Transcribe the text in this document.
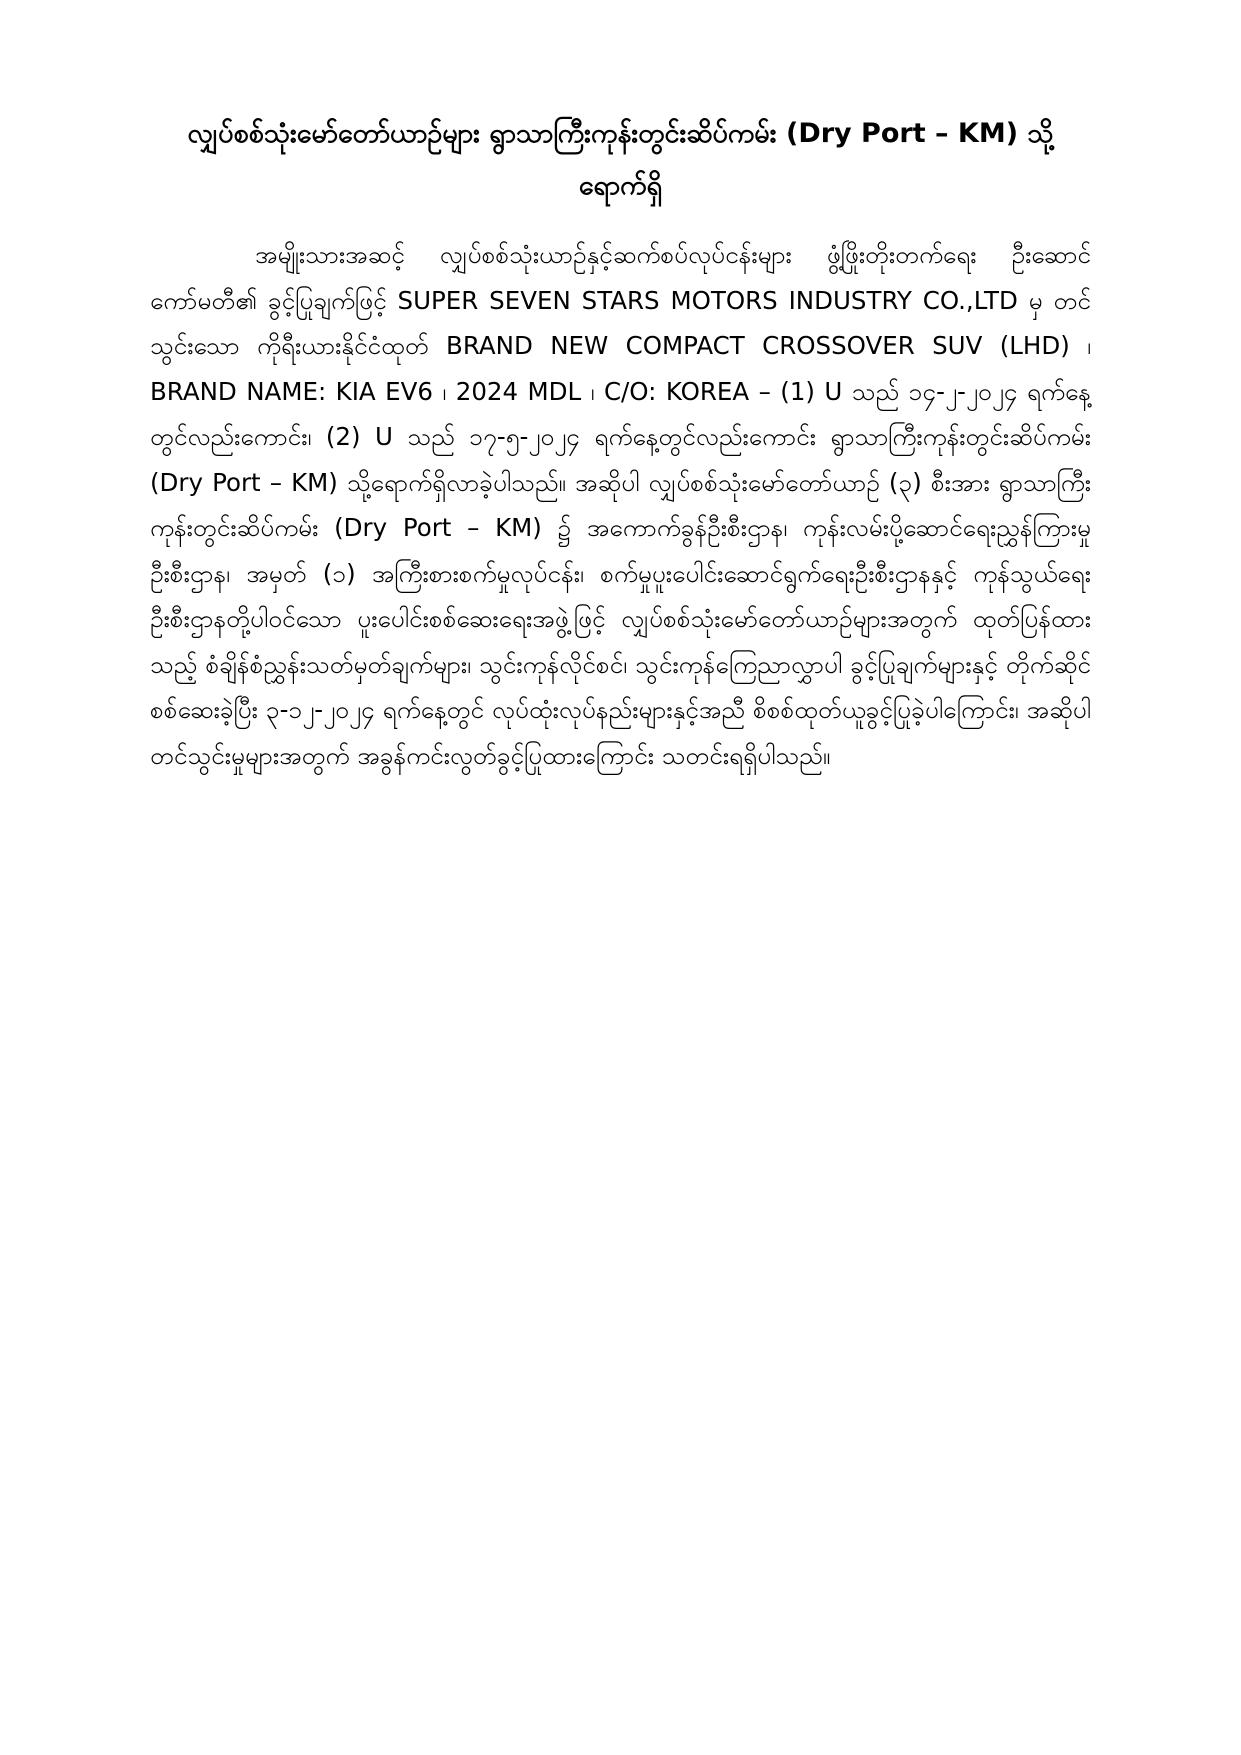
လျှပ်စစ်သုံးမော်တော်ယာဉ်များ ရွာသာကြီးကုန်းတွင်းဆိပ်ကမ်း (Dry Port – KM) သို့ ရောက်ရှိ

အမျိုးသားအဆင့် လျှပ်စစ်သုံးယာဉ်နှင့်ဆက်စပ်လုပ်ငန်းများ ဖွံ့ဖြိုးတိုးတက်ရေး ဦးဆောင်ကော်မတီ၏ ခွင့်ပြုချက်ဖြင့် SUPER SEVEN STARS MOTORS INDUSTRY CO.,LTD မှ တင်သွင်းသော ကိုရီးယားနိုင်ငံထုတ် BRAND NEW COMPACT CROSSOVER SUV (LHD) ၊ BRAND NAME: KIA EV6 ၊ 2024 MDL ၊ C/O: KOREA – (1) U သည် ၁၄-၂-၂၀၂၄ ရက်နေ့တွင်လည်းကောင်း၊ (2) U သည် ၁၇-၅-၂၀၂၄ ရက်နေ့တွင်လည်းကောင်း ရွာသာကြီးကုန်းတွင်းဆိပ်ကမ်း (Dry Port – KM) သို့ရောက်ရှိလာခဲ့ပါသည်။ အဆိုပါ လျှပ်စစ်သုံးမော်တော်ယာဉ် (၃) စီးအား ရွာသာကြီးကုန်းတွင်းဆိပ်ကမ်း (Dry Port – KM) ၌ အကောက်ခွန်ဦးစီးဌာန၊ ကုန်းလမ်းပို့ဆောင်ရေးညွှန်ကြားမှုဦးစီးဌာန၊ အမှတ် (၁) အကြီးစားစက်မှုလုပ်ငန်း၊ စက်မှုပူးပေါင်းဆောင်ရွက်ရေးဦးစီးဌာနနှင့် ကုန်သွယ်ရေးဦးစီးဌာနတို့ပါဝင်သော ပူးပေါင်းစစ်ဆေးရေးအဖွဲ့ဖြင့် လျှပ်စစ်သုံးမော်တော်ယာဉ်များအတွက် ထုတ်ပြန်ထားသည့် စံချိန်စံညွှန်းသတ်မှတ်ချက်များ၊ သွင်းကုန်လိုင်စင်၊ သွင်းကုန်ကြေညာလွှာပါ ခွင့်ပြုချက်များနှင့် တိုက်ဆိုင်စစ်ဆေးခဲ့ပြီး ၃-၁၂-၂၀၂၄ ရက်နေ့တွင် လုပ်ထုံးလုပ်နည်းများနှင့်အညီ စိစစ်ထုတ်ယူခွင့်ပြုခဲ့ပါကြောင်း၊ အဆိုပါ တင်သွင်းမှုများအတွက် အခွန်ကင်းလွတ်ခွင့်ပြုထားကြောင်း သတင်းရရှိပါသည်။
